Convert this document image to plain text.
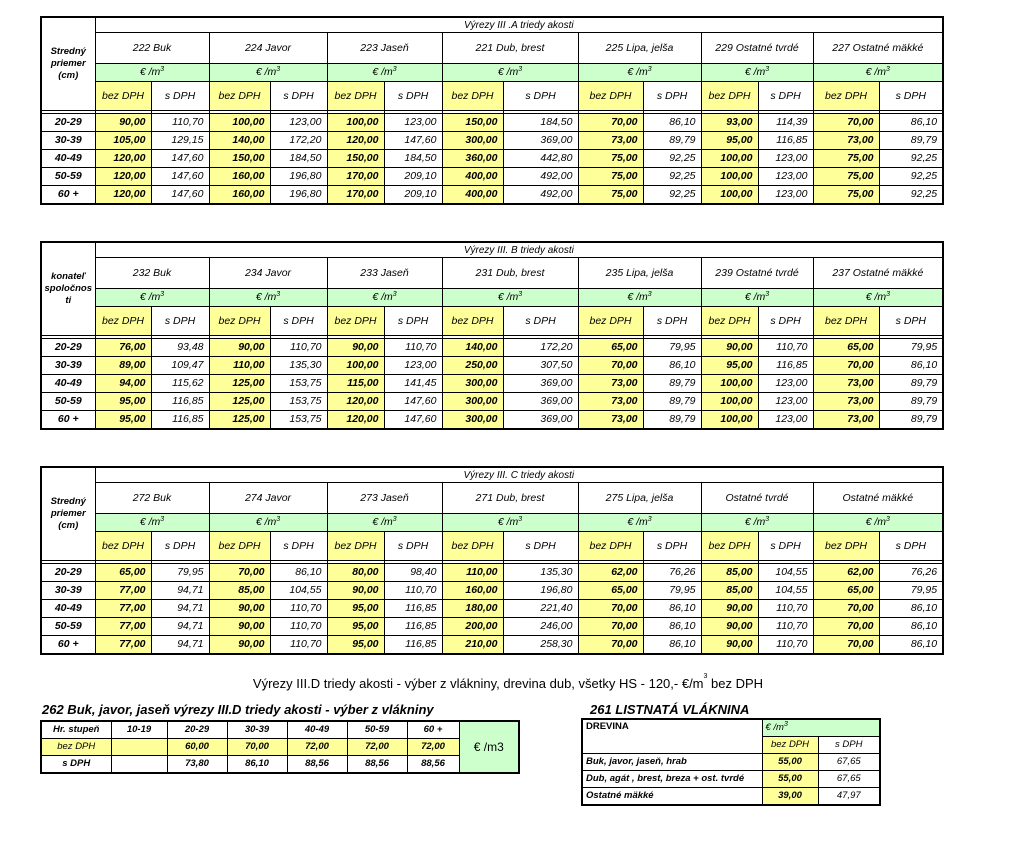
Stredný priemer (cm)	Výrezy III .A triedy akosti													
	222 Buk		224 Javor		223 Jaseň		221 Dub, brest		225 Lipa, jelša		229 Ostatné tvrdé		227 Ostatné mäkké	
	€ $/m^3$		€ $/m^3$		€ $/m^3$		€ $/m^3$		€ $/m^3$		€ $/m^3$		€ $/m^3$
	bez DPH	s DPH	bez DPH	s DPH	bez DPH	s DPH	bez DPH	s DPH	bez DPH	s DPH	bez DPH	s DPH	bez DPH	s DPH

20-29	90,00	110,70	100,00	123,00	100,00	123,00	150,00	184,50	70,00	86,10	93,00	114,39	70,00	86,10
30-39	105,00	129,15	140,00	172,20	120,00	147,60	300,00	369,00	73,00	89,79	95,00	116,85	73,00	89,79
40-49	120,00	147,60	150,00	184,50	150,00	184,50	360,00	442,80	75,00	92,25	100,00	123,00	75,00	92,25
50-59	120,00	147,60	160,00	196,80	170,00	209,10	400,00	492,00	75,00	92,25	100,00	123,00	75,00	92,25
60 +	120,00	147,60	160,00	196,80	170,00	209,10	400,00	492,00	75,00	92,25	100,00	123,00	75,00	92,25
konateľ spoločnos ti	Výrezy III. B triedy akosti													
	232 Buk		234 Javor		233 Jaseň		231 Dub, brest		235 Lipa, jelša		239 Ostatné tvrdé		237 Ostatné mäkké	
	€ $/m^3$		€ $/m^3$		€ $/m^3$		€ $/m^3$		€ $/m^3$		€ $/m^3$		€ $/m^3$
	bez DPH	s DPH	bez DPH	s DPH	bez DPH	s DPH	bez DPH	s DPH	bez DPH	s DPH	bez DPH	s DPH	bez DPH	s DPH

20-29	76,00	93,48	90,00	110,70	90,00	110,70	140,00	172,20	65,00	79,95	90,00	110,70	65,00	79,95
30-39	89,00	109,47	110,00	135,30	100,00	123,00	250,00	307,50	70,00	86,10	95,00	116,85	70,00	86,10
40-49	94,00	115,62	125,00	153,75	115,00	141,45	300,00	369,00	73,00	89,79	100,00	123,00	73,00	89,79
50-59	95,00	116,85	125,00	153,75	120,00	147,60	300,00	369,00	73,00	89,79	100,00	123,00	73,00	89,79
60 +	95,00	116,85	125,00	153,75	120,00	147,60	300,00	369,00	73,00	89,79	100,00	123,00	73,00	89,79
Stredný priemer (cm)	Výrezy III. C triedy akosti													
	272 Buk		274 Javor		273 Jaseň		271 Dub, brest		275 Lipa, jelša		Ostatné tvrdé		Ostatné mäkké	
	€ $/m^3$		€ $/m^3$		€ $/m^3$		€ $/m^3$		€ $/m^3$		€ $/m^3$		€ $/m^3$
	bez DPH	s DPH	bez DPH	s DPH	bez DPH	s DPH	bez DPH	s DPH	bez DPH	s DPH	bez DPH	s DPH	bez DPH	s DPH

20-29	65,00	79,95	70,00	86,10	80,00	98,40	110,00	135,30	62,00	76,26	85,00	104,55	62,00	76,26
30-39	77,00	94,71	85,00	104,55	90,00	110,70	160,00	196,80	65,00	79,95	85,00	104,55	65,00	79,95
40-49	77,00	94,71	90,00	110,70	95,00	116,85	180,00	221,40	70,00	86,10	90,00	110,70	70,00	86,10
50-59	77,00	94,71	90,00	110,70	95,00	116,85	200,00	246,00	70,00	86,10	90,00	110,70	70,00	86,10
60 +	77,00	94,71	90,00	110,70	95,00	116,85	210,00	258,30	70,00	86,10	90,00	110,70	70,00	86,10
Výrezy III.D triedy akosti - výber z vlákniny, drevina dub, všetky HS - 120,- $€/m^3$ bez DPH
262 Buk, javor, jaseň výrezy III.D triedy akosti - výber z vlákniny
Hr. stupeň	10-19	20-29	30-39	40-49	50-59	60 +	€ /m3
bez DPH		60,00	70,00	72,00	72,00	72,00	
s DPH		73,80	86,10	88,56	88,56	88,56	
261 LISTNATÁ VLÁKNINA
DREVINA	€ $/m^3$
	bez DPH	s DPH
Buk, javor, jaseň, hrab	55,00	67,65
Dub, agát , brest, breza + ost. tvrdé	55,00	67,65
Ostatné mäkké	39,00	47,97
